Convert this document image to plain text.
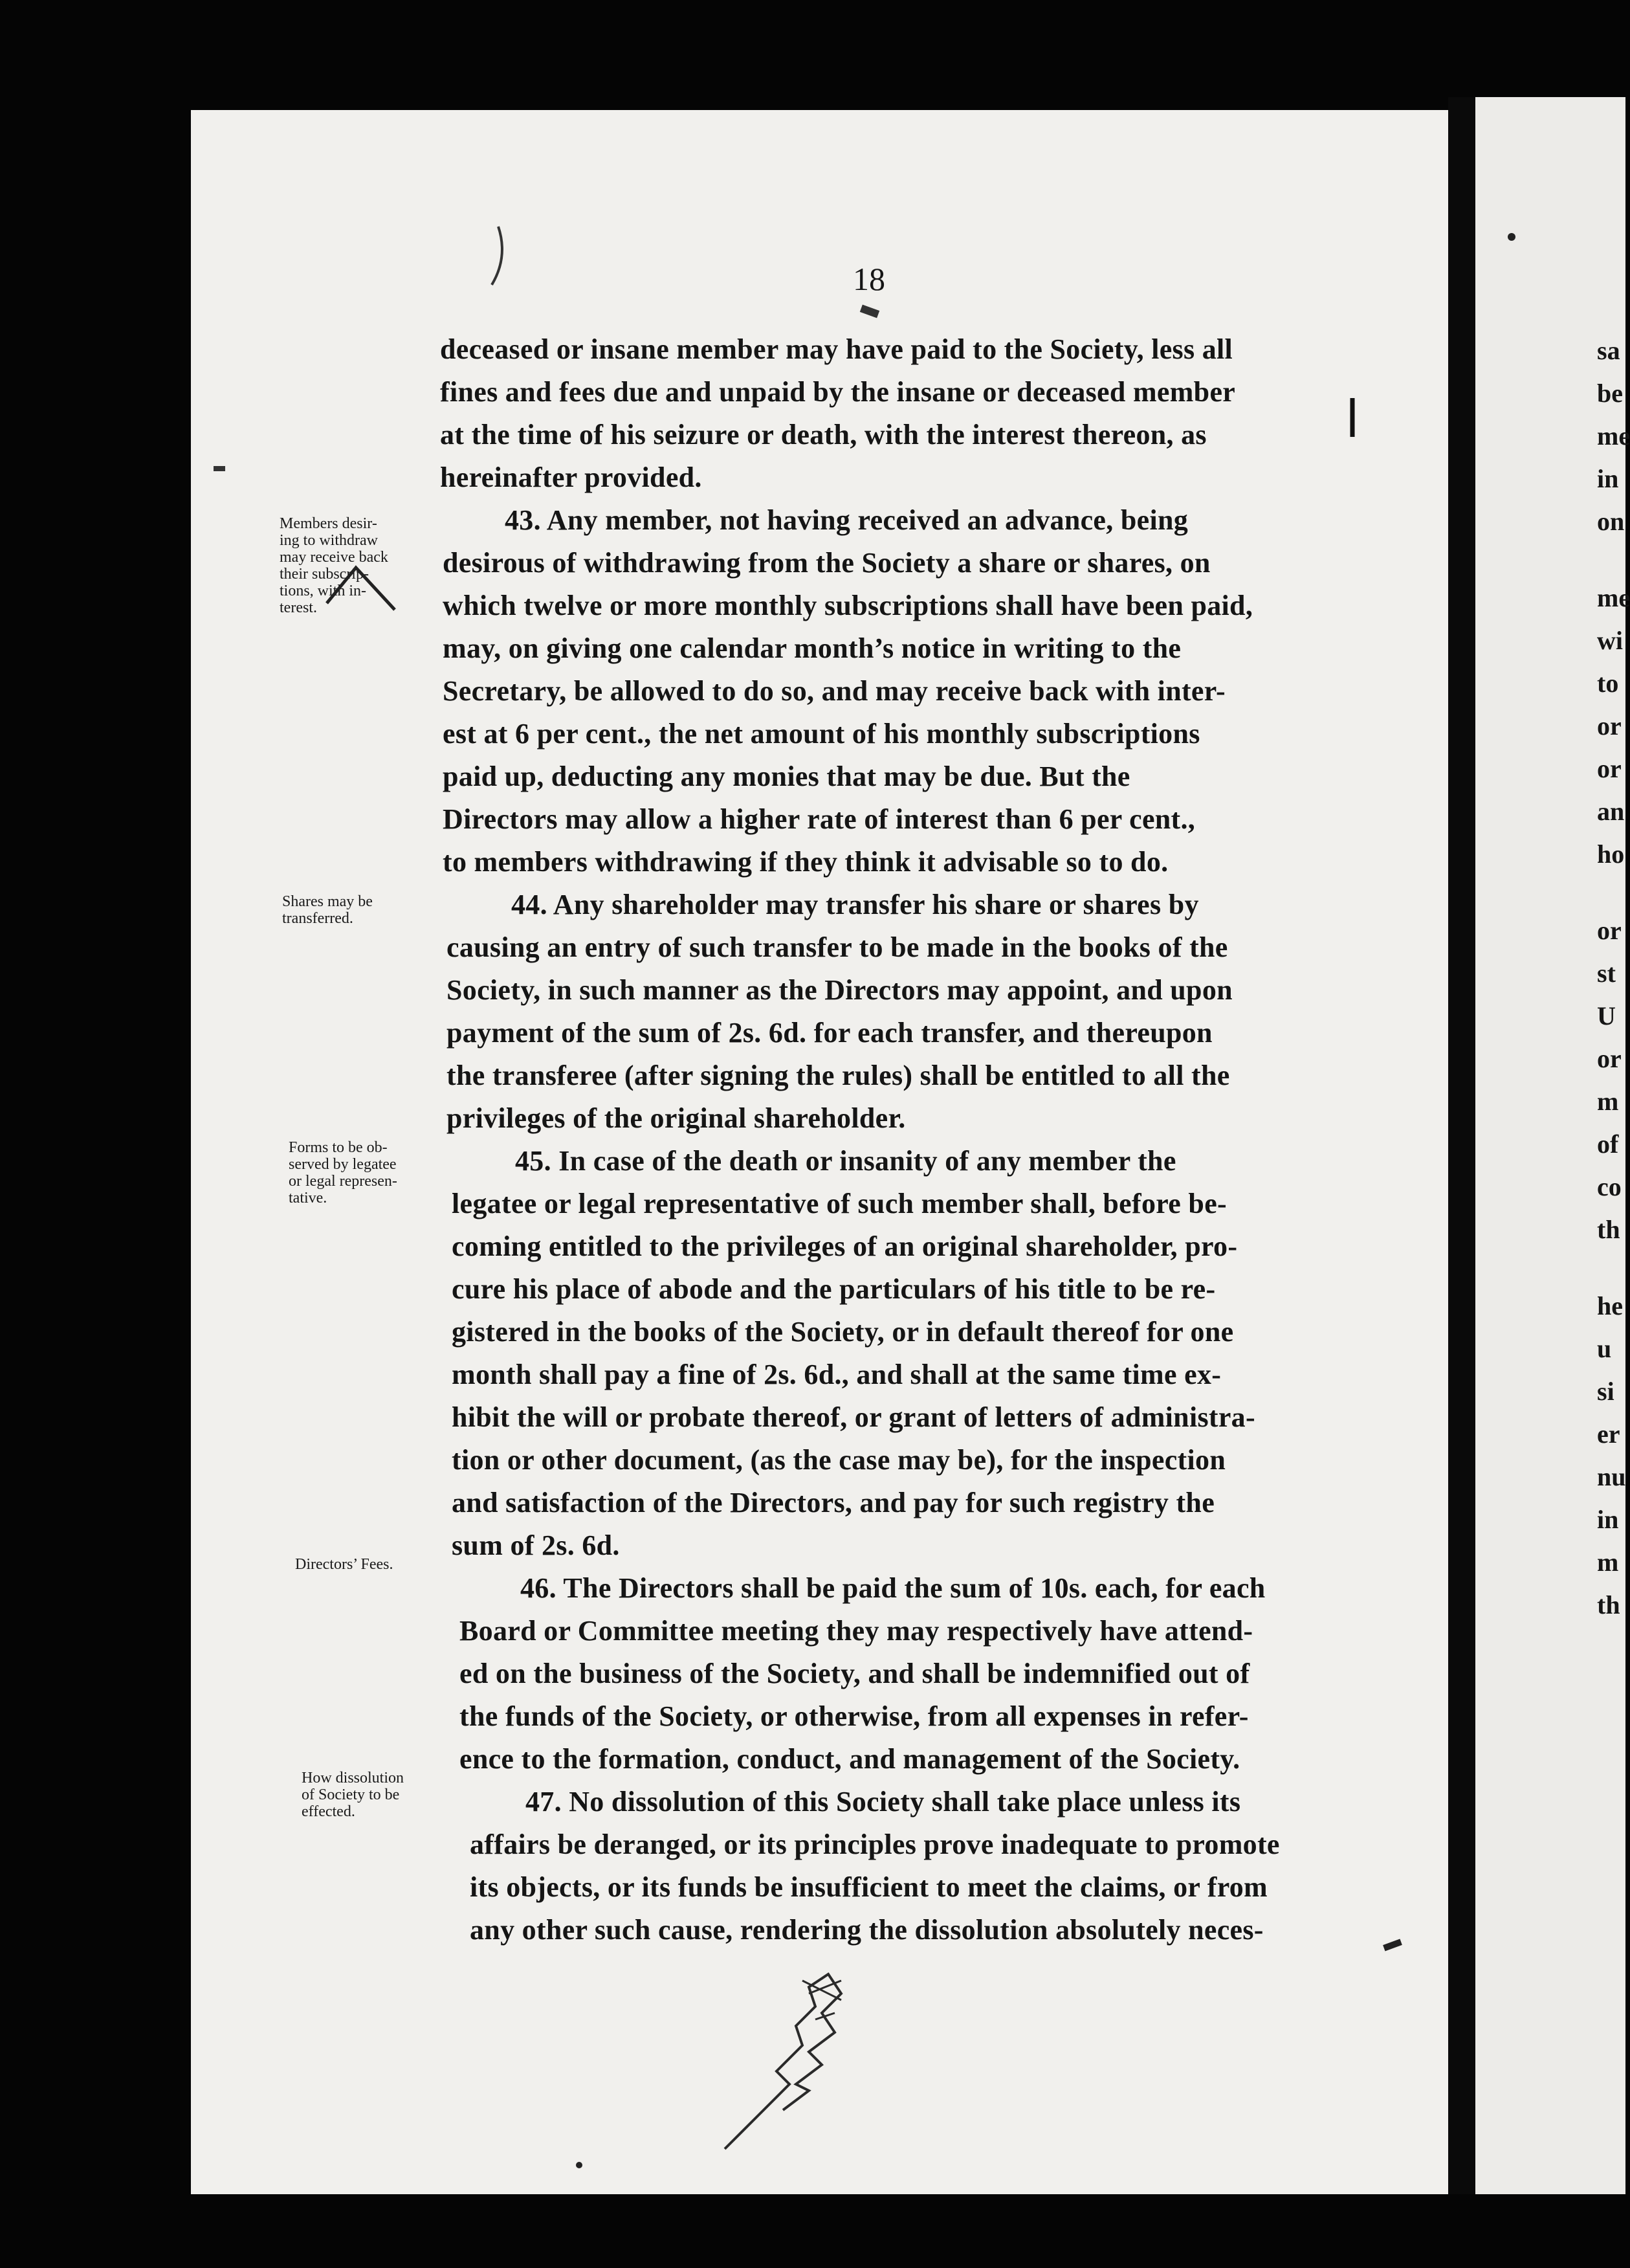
18
deceased or insane member may have paid to the Society, less all
fines and fees due and unpaid by the insane or deceased member
at the time of his seizure or death, with the interest thereon, as
hereinafter provided.
43. Any member, not having received an advance, being
desirous of withdrawing from the Society a share or shares, on
which twelve or more monthly subscriptions shall have been paid,
may, on giving one calendar month’s notice in writing to the
Secretary, be allowed to do so, and may receive back with inter-
est at 6 per cent., the net amount of his monthly subscriptions
paid up, deducting any monies that may be due. But the
Directors may allow a higher rate of interest than 6 per cent.,
to members withdrawing if they think it advisable so to do.
44. Any shareholder may transfer his share or shares by
causing an entry of such transfer to be made in the books of the
Society, in such manner as the Directors may appoint, and upon
payment of the sum of 2s. 6d. for each transfer, and thereupon
the transferee (after signing the rules) shall be entitled to all the
privileges of the original shareholder.
45. In case of the death or insanity of any member the
legatee or legal representative of such member shall, before be-
coming entitled to the privileges of an original shareholder, pro-
cure his place of abode and the particulars of his title to be re-
gistered in the books of the Society, or in default thereof for one
month shall pay a fine of 2s. 6d., and shall at the same time ex-
hibit the will or probate thereof, or grant of letters of administra-
tion or other document, (as the case may be), for the inspection
and satisfaction of the Directors, and pay for such registry the
sum of 2s. 6d.
46. The Directors shall be paid the sum of 10s. each, for each
Board or Committee meeting they may respectively have attend-
ed on the business of the Society, and shall be indemnified out of
the funds of the Society, or otherwise, from all expenses in refer-
ence to the formation, conduct, and management of the Society.
47. No dissolution of this Society shall take place unless its
affairs be deranged, or its principles prove inadequate to promote
its objects, or its funds be insufficient to meet the claims, or from
any other such cause, rendering the dissolution absolutely neces-
Members desir-
ing to withdraw
may receive back
their subscrip-
tions, with in-
terest.
Shares may be
transferred.
Forms to be ob-
served by legatee
or legal represen-
tative.
Directors’ Fees.
How dissolution
of Society to be
effected.
sa
be
me
in
on
me
wi
to
or
or
an
ho
or
st
U
or
m
of
co
th
he
u
si
er
nu
in
m
th
